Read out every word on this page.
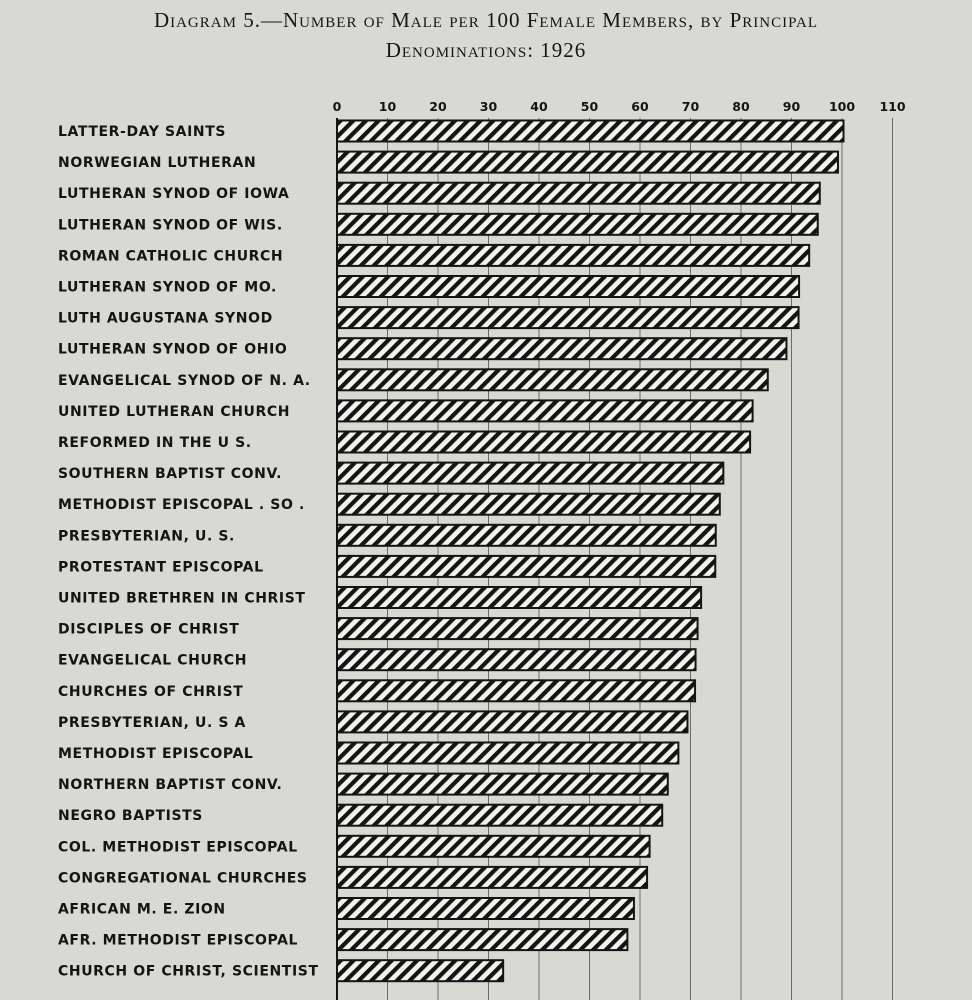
Diagram 5.—Number of Male per 100 Female Members, by Principal
Denominations: 1926
0	10	20	30	40	50	60	70	80	90 100 110
LATTER-DAY SAINTS
NORWEGIAN LUTHERAN
LUTHERAN SYNOD OF IOWA
LUTHERAN SYNOD OF WIS.
ROMAN CATHOLIC CHURCH
LUTHERAN SYNOD OF MO.
LUTH AUGUSTANA SYNOD
LUTHERAN SYNOD OF OHIO
EVANGELICAL SYNOD OF N. A.
UNITED LUTHERAN CHURCH
REFORMED IN THE U S.
SOUTHERN BAPTIST CONV.
METHODIST EPISCOPAL . SO .
PRESBYTERIAN, U. S.
PROTESTANT EPISCOPAL
UNITED BRETHREN IN CHRIST
DISCIPLES OF CHRIST
EVANGELICAL CHURCH
CHURCHES OF CHRIST
PRESBYTERIAN, U. S A
METHODIST EPISCOPAL
NORTHERN BAPTIST CONV.
NEGRO BAPTISTS
COL. METHODIST EPISCOPAL
CONGREGATIONAL CHURCHES
AFRICAN M. E. ZION
AFR. METHODIST EPISCOPAL
CHURCH OF CHRIST, SCIENTIST
